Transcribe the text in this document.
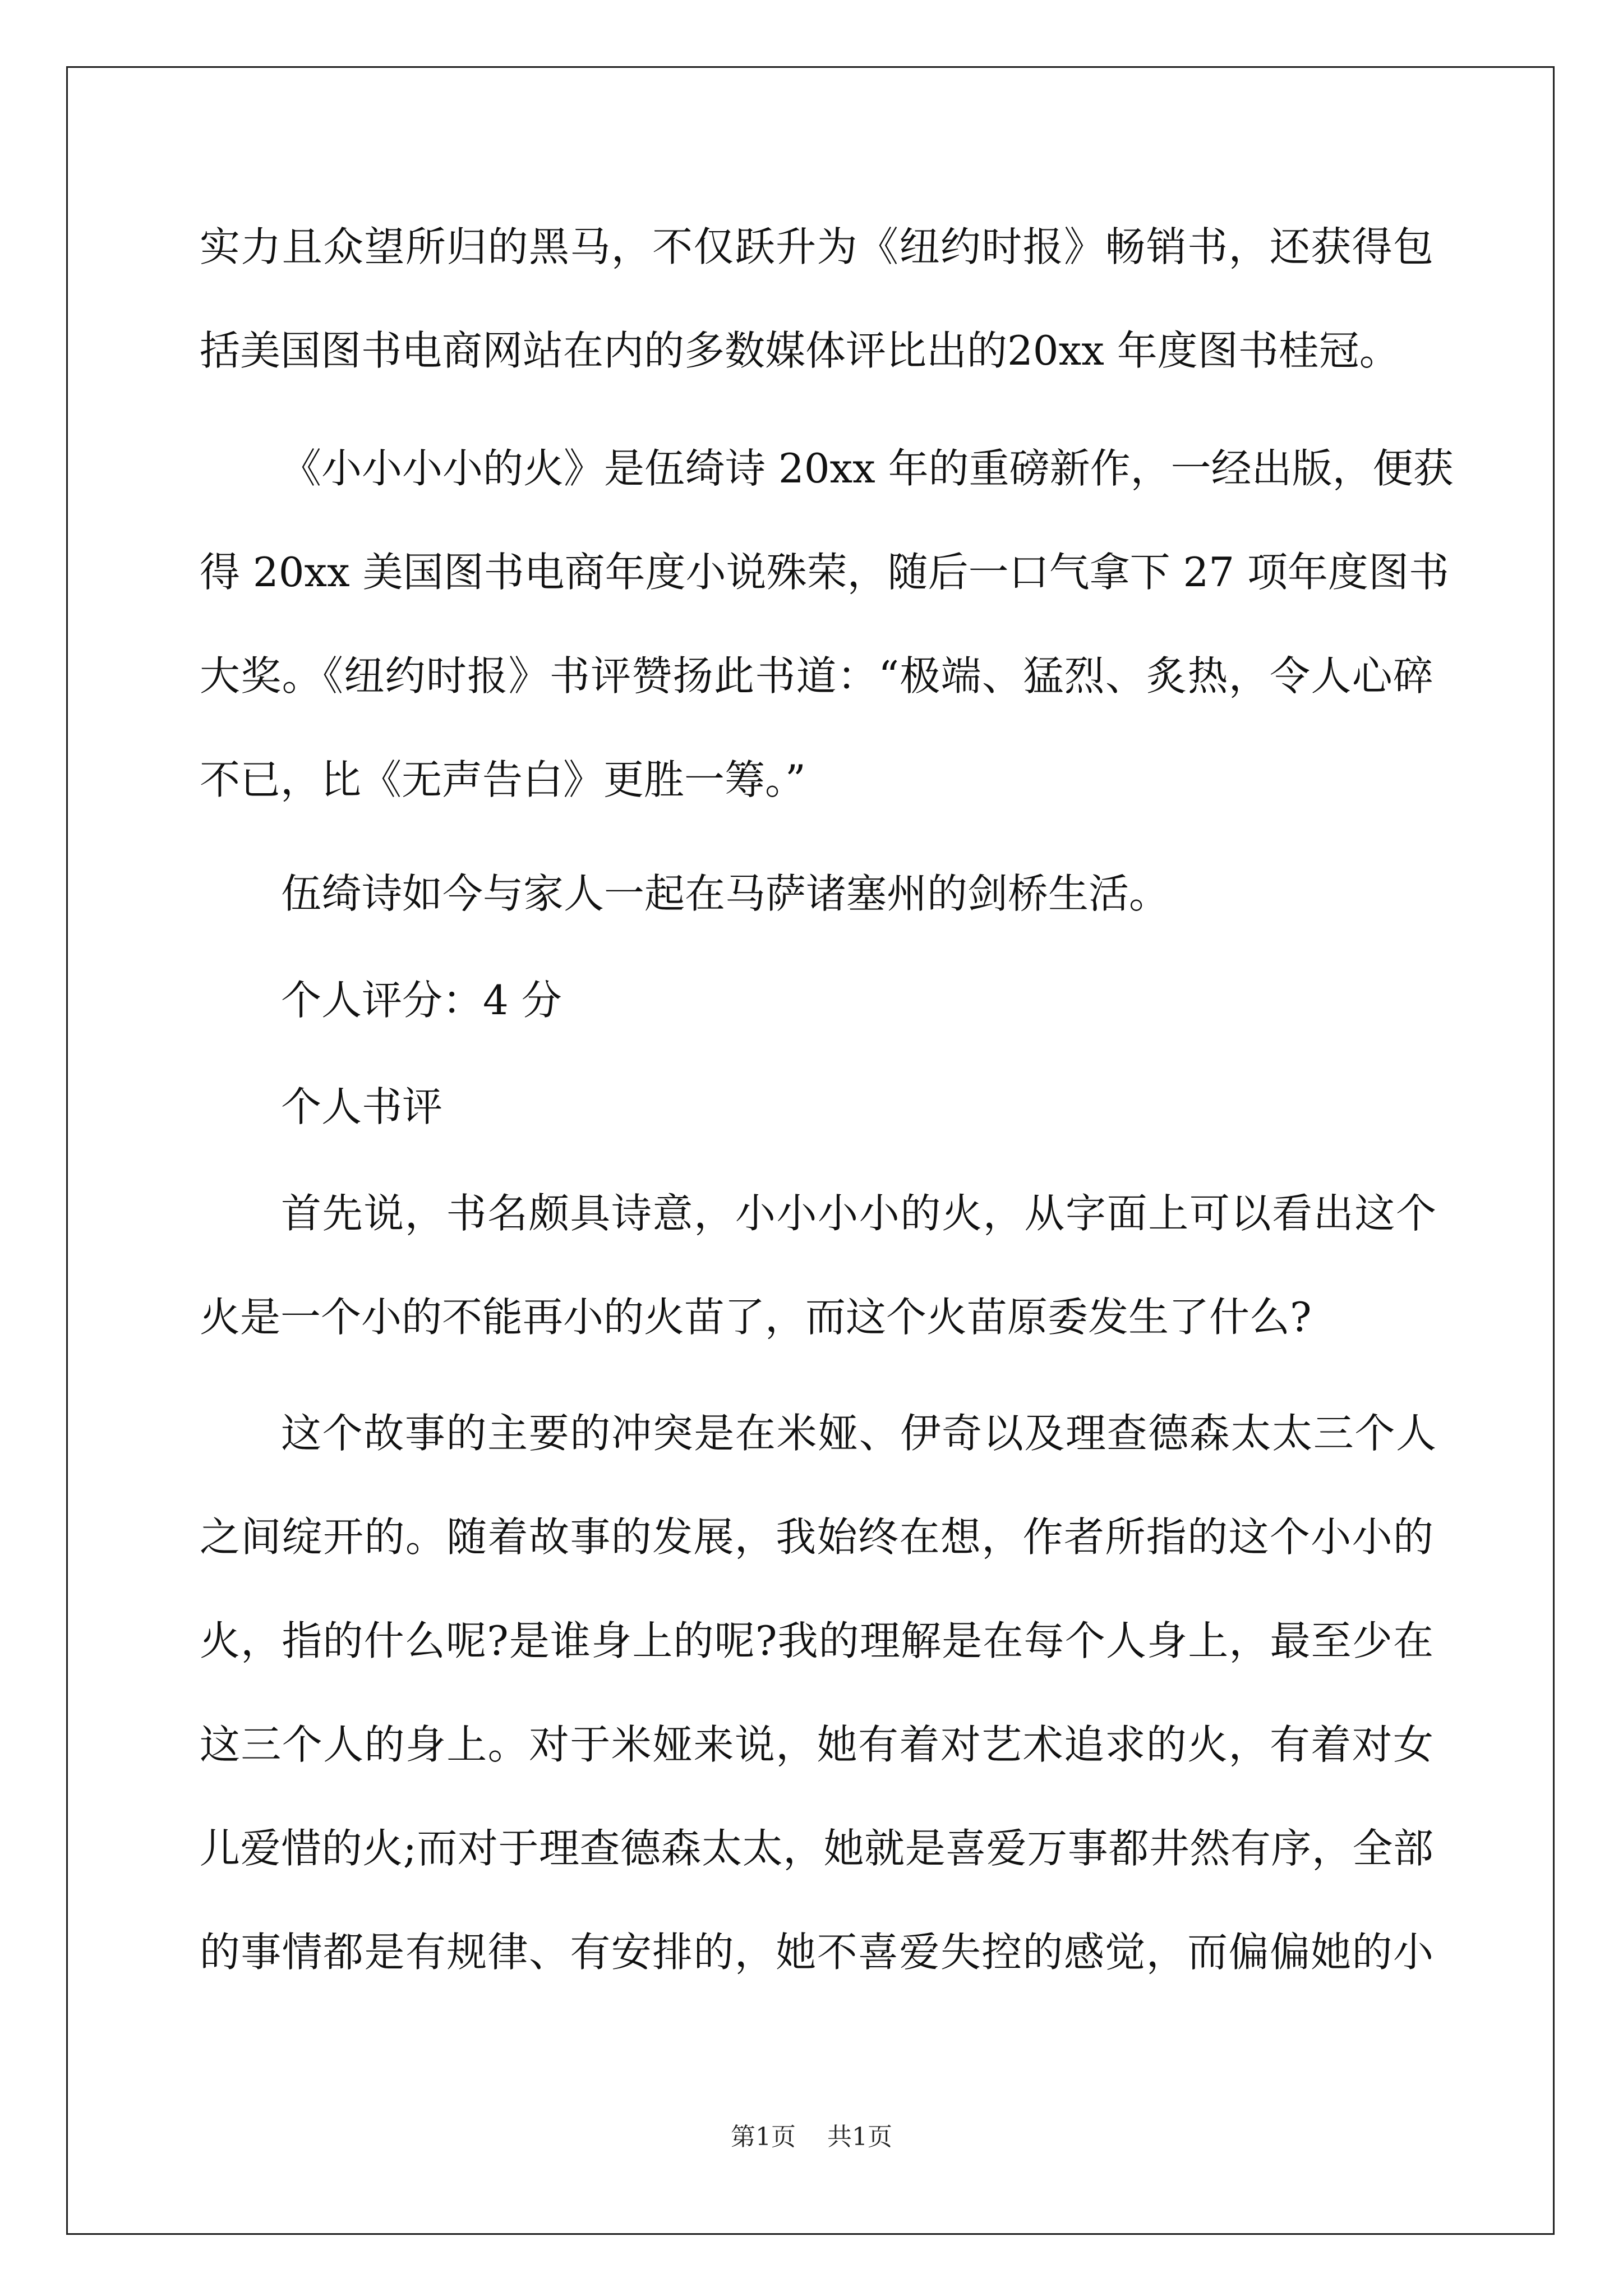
实力且众望所归的黑马，不仅跃升为《纽约时报》畅销书，还获得包
括美国图书电商网站在内的多数媒体评比出的20xx 年度图书桂冠。
《小小小小的火》是伍绮诗 20xx 年的重磅新作，一经出版，便获
得 20xx 美国图书电商年度小说殊荣，随后一口气拿下 27 项年度图书
大奖。《纽约时报》书评赞扬此书道：“极端、猛烈、炙热，令人心碎
不已，比《无声告白》更胜一筹。”
伍绮诗如今与家人一起在马萨诸塞州的剑桥生活。
个人评分：4 分
个人书评
首先说，书名颇具诗意，小小小小的火，从字面上可以看出这个
火是一个小的不能再小的火苗了，而这个火苗原委发生了什么?
这个故事的主要的冲突是在米娅、伊奇以及理查德森太太三个人
之间绽开的。随着故事的发展，我始终在想，作者所指的这个小小的
火，指的什么呢?是谁身上的呢?我的理解是在每个人身上，最至少在
这三个人的身上。对于米娅来说，她有着对艺术追求的火，有着对女
儿爱惜的火;而对于理查德森太太，她就是喜爱万事都井然有序，全部
的事情都是有规律、有安排的，她不喜爱失控的感觉，而偏偏她的小
第1页 共1页
